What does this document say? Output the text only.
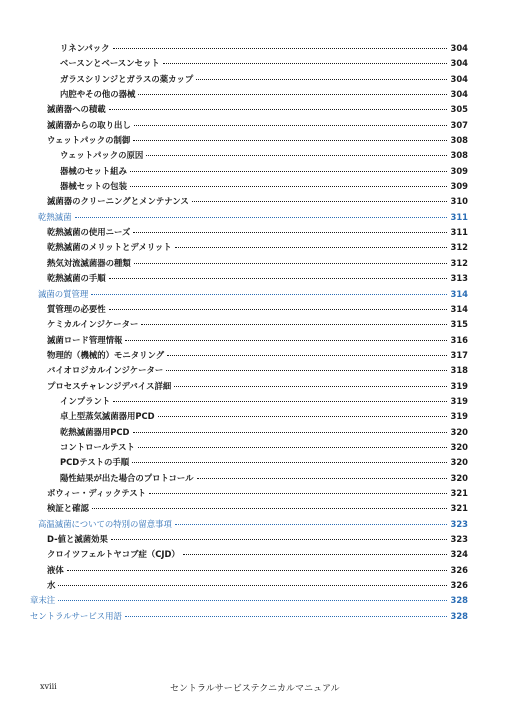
リネンパック	304
ベースンとベースンセット	304
ガラスシリンジとガラスの薬カップ	304
内腔やその他の器械	304
滅菌器への積載	305
滅菌器からの取り出し	307
ウェットパックの制御	308
ウェットパックの原因	308
器械のセット組み	309
器械セットの包装	309
滅菌器のクリーニングとメンテナンス	310
乾熱滅菌	311
乾熱滅菌の使用ニーズ	311
乾熱滅菌のメリットとデメリット	312
熱気対流滅菌器の種類	312
乾熱滅菌の手順	313
滅菌の質管理	314
質管理の必要性	314
ケミカルインジケーター	315
滅菌ロード管理情報	316
物理的（機械的）モニタリング	317
バイオロジカルインジケーター	318
プロセスチャレンジデバイス詳細	319
インプラント	319
卓上型蒸気滅菌器用PCD	319
乾熱滅菌器用PCD	320
コントロールテスト	320
PCDテストの手順	320
陽性結果が出た場合のプロトコール	320
ボウィー・ディックテスト	321
検証と確認	321
高温滅菌についての特別の留意事項	323
D-値と滅菌効果	323
クロイツフェルトヤコブ症（CJD）	324
液体	326
水	326
章末注	328
セントラルサービス用語	328
xviii	セントラルサービステクニカルマニュアル
